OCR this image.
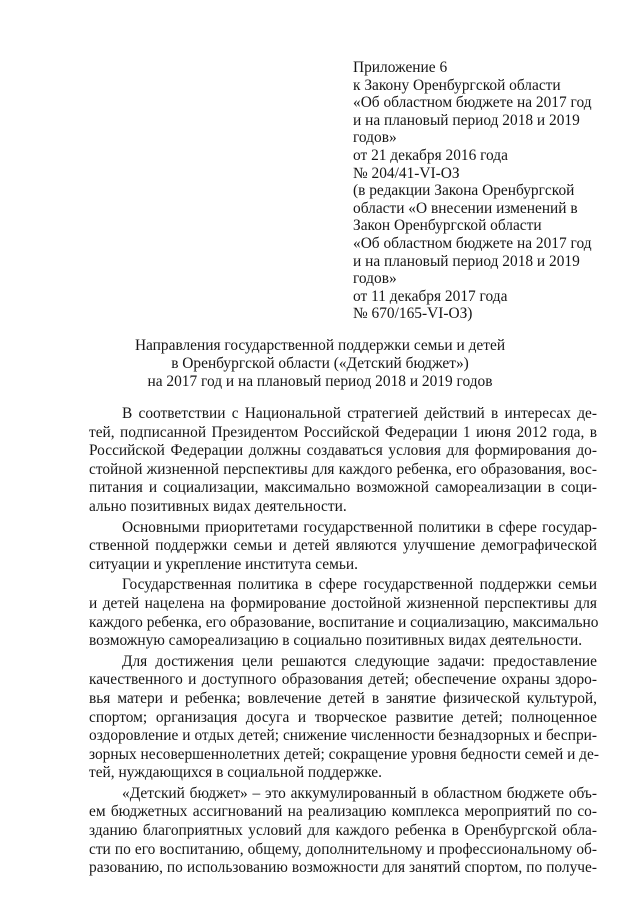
Приложение 6
к Закону Оренбургской области
«Об областном бюджете на 2017 год
и на плановый период 2018 и 2019
годов»
от 21 декабря 2016 года
№ 204/41-VI-ОЗ
(в редакции Закона Оренбургской
области «О внесении изменений в
Закон Оренбургской области
«Об областном бюджете на 2017 год
и на плановый период 2018 и 2019
годов»
от 11 декабря 2017 года
№ 670/165-VI-ОЗ)
Направления государственной поддержки семьи и детей
в Оренбургской области («Детский бюджет»)
на 2017 год и на плановый период 2018 и 2019 годов

В соответствии с Национальной стратегией действий в интересах де-
тей, подписанной Президентом Российской Федерации 1 июня 2012 года, в
Российской Федерации должны создаваться условия для формирования до-
стойной жизненной перспективы для каждого ребенка, его образования, вос-
питания и социализации, максимально возможной самореализации в соци-
ально позитивных видах деятельности.

Основными приоритетами государственной политики в сфере государ-
ственной поддержки семьи и детей являются улучшение демографической
ситуации и укрепление института семьи.

Государственная политика в сфере государственной поддержки семьи
и детей нацелена на формирование достойной жизненной перспективы для
каждого ребенка, его образование, воспитание и социализацию, максимально
возможную самореализацию в социально позитивных видах деятельности.

Для достижения цели решаются следующие задачи: предоставление
качественного и доступного образования детей; обеспечение охраны здоро-
вья матери и ребенка; вовлечение детей в занятие физической культурой,
спортом; организация досуга и творческое развитие детей; полноценное
оздоровление и отдых детей; снижение численности безнадзорных и беспри-
зорных несовершеннолетних детей; сокращение уровня бедности семей и де-
тей, нуждающихся в социальной поддержке.

«Детский бюджет» – это аккумулированный в областном бюджете объ-
ем бюджетных ассигнований на реализацию комплекса мероприятий по со-
зданию благоприятных условий для каждого ребенка в Оренбургской обла-
сти по его воспитанию, общему, дополнительному и профессиональному об-
разованию, по использованию возможности для занятий спортом, по получе-
